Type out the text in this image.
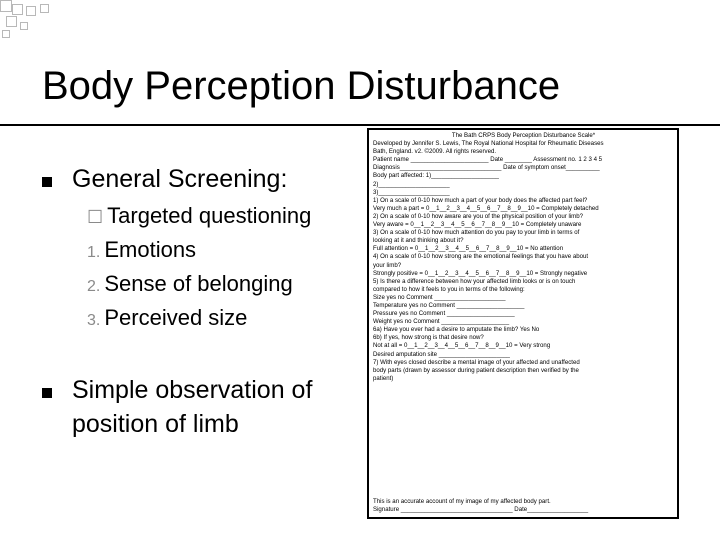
Body Perception Disturbance
General Screening:
☐ Targeted questioning
1. Emotions
2. Sense of belonging
3. Perceived size
Simple observation of position of limb
The Bath CRPS Body Perception Disturbance Scale*
Developed by Jennifer S. Lewis, The Royal National Hospital for Rheumatic Diseases
Bath, England. v2. ©2009. All rights reserved.
Patient name _______________________ Date ________ Assessment no. 1 2 3 4 5
Diagnosis______________________________ Date of symptom onset__________
Body part affected: 1)____________________
2)_____________________
3)_____________________
1) On a scale of 0-10 how much a part of your body does the affected part feel?
Very much a part = 0__1__2__3__4__5__6__7__8__9__10 = Completely detached
2) On a scale of 0-10 how aware are you of the physical position of your limb?
Very aware = 0__1__2__3__4__5__6__7__8__9__10 = Completely unaware
3) On a scale of 0-10 how much attention do you pay to your limb in terms of
looking at it and thinking about it?
Full attention = 0__1__2__3__4__5__6__7__8__9__10 = No attention
4) On a scale of 0-10 how strong are the emotional feelings that you have about
your limb?
Strongly positive = 0__1__2__3__4__5__6__7__8__9__10 = Strongly negative
5) Is there a difference between how your affected limb looks or is on touch
compared to how it feels to you in terms of the following:
Size yes no Comment _____________________
Temperature yes no Comment ____________________
Pressure yes no Comment ____________________
Weight yes no Comment ____________________
6a) Have you ever had a desire to amputate the limb? Yes No
6b) If yes, how strong is that desire now?
Not at all = 0__1__2__3__4__5__6__7__8__9__10 = Very strong
Desired amputation site _____________________
7) With eyes closed describe a mental image of your affected and unaffected
body parts (drawn by assessor during patient description then verified by the
patient)
This is an accurate account of my image of my affected body part.
Signature _________________________________ Date__________________
